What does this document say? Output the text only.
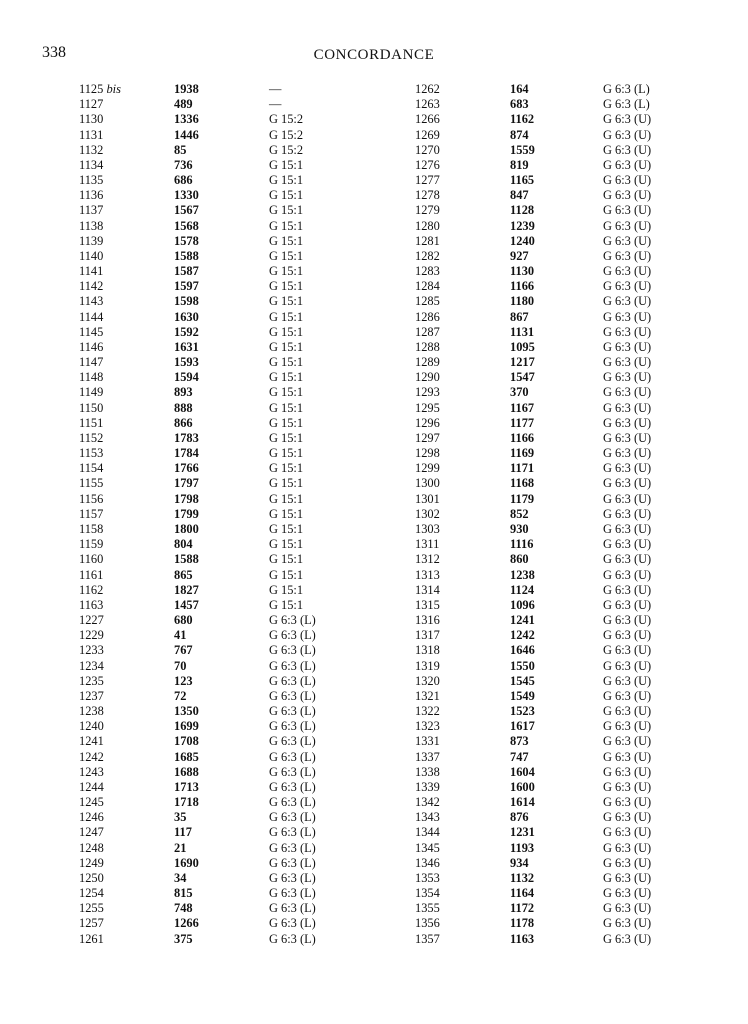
338	CONCORDANCE
1125 bis	1938	—
1127	489	—
1130	1336	G 15:2
1131	1446	G 15:2
1132	85	G 15:2
1134	736	G 15:1
1135	686	G 15:1
1136	1330	G 15:1
1137	1567	G 15:1
1138	1568	G 15:1
1139	1578	G 15:1
1140	1588	G 15:1
1141	1587	G 15:1
1142	1597	G 15:1
1143	1598	G 15:1
1144	1630	G 15:1
1145	1592	G 15:1
1146	1631	G 15:1
1147	1593	G 15:1
1148	1594	G 15:1
1149	893	G 15:1
1150	888	G 15:1
1151	866	G 15:1
1152	1783	G 15:1
1153	1784	G 15:1
1154	1766	G 15:1
1155	1797	G 15:1
1156	1798	G 15:1
1157	1799	G 15:1
1158	1800	G 15:1
1159	804	G 15:1
1160	1588	G 15:1
1161	865	G 15:1
1162	1827	G 15:1
1163	1457	G 15:1
1227	680	G 6:3 (L)
1229	41	G 6:3 (L)
1233	767	G 6:3 (L)
1234	70	G 6:3 (L)
1235	123	G 6:3 (L)
1237	72	G 6:3 (L)
1238	1350	G 6:3 (L)
1240	1699	G 6:3 (L)
1241	1708	G 6:3 (L)
1242	1685	G 6:3 (L)
1243	1688	G 6:3 (L)
1244	1713	G 6:3 (L)
1245	1718	G 6:3 (L)
1246	35	G 6:3 (L)
1247	117	G 6:3 (L)
1248	21	G 6:3 (L)
1249	1690	G 6:3 (L)
1250	34	G 6:3 (L)
1254	815	G 6:3 (L)
1255	748	G 6:3 (L)
1257	1266	G 6:3 (L)
1261	375	G 6:3 (L)
1262	164	G 6:3 (L)
1263	683	G 6:3 (L)
1266	1162	G 6:3 (U)
1269	874	G 6:3 (U)
1270	1559	G 6:3 (U)
1276	819	G 6:3 (U)
1277	1165	G 6:3 (U)
1278	847	G 6:3 (U)
1279	1128	G 6:3 (U)
1280	1239	G 6:3 (U)
1281	1240	G 6:3 (U)
1282	927	G 6:3 (U)
1283	1130	G 6:3 (U)
1284	1166	G 6:3 (U)
1285	1180	G 6:3 (U)
1286	867	G 6:3 (U)
1287	1131	G 6:3 (U)
1288	1095	G 6:3 (U)
1289	1217	G 6:3 (U)
1290	1547	G 6:3 (U)
1293	370	G 6:3 (U)
1295	1167	G 6:3 (U)
1296	1177	G 6:3 (U)
1297	1166	G 6:3 (U)
1298	1169	G 6:3 (U)
1299	1171	G 6:3 (U)
1300	1168	G 6:3 (U)
1301	1179	G 6:3 (U)
1302	852	G 6:3 (U)
1303	930	G 6:3 (U)
1311	1116	G 6:3 (U)
1312	860	G 6:3 (U)
1313	1238	G 6:3 (U)
1314	1124	G 6:3 (U)
1315	1096	G 6:3 (U)
1316	1241	G 6:3 (U)
1317	1242	G 6:3 (U)
1318	1646	G 6:3 (U)
1319	1550	G 6:3 (U)
1320	1545	G 6:3 (U)
1321	1549	G 6:3 (U)
1322	1523	G 6:3 (U)
1323	1617	G 6:3 (U)
1331	873	G 6:3 (U)
1337	747	G 6:3 (U)
1338	1604	G 6:3 (U)
1339	1600	G 6:3 (U)
1342	1614	G 6:3 (U)
1343	876	G 6:3 (U)
1344	1231	G 6:3 (U)
1345	1193	G 6:3 (U)
1346	934	G 6:3 (U)
1353	1132	G 6:3 (U)
1354	1164	G 6:3 (U)
1355	1172	G 6:3 (U)
1356	1178	G 6:3 (U)
1357	1163	G 6:3 (U)
